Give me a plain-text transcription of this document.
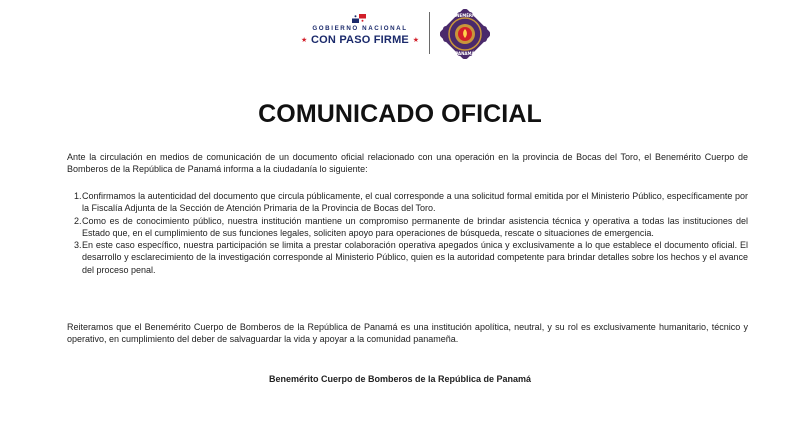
GOBIERNO NACIONAL
★ CON PASO FIRME ★
BENEMÉRITO
PANAMÁ
COMUNICADO OFICIAL

Ante la circulación en medios de comunicación de un documento oficial relacionado con una operación en la provincia de Bocas del Toro, el Benemérito Cuerpo de Bomberos de la República de Panamá informa a la ciudadanía lo siguiente:

1. Confirmamos la autenticidad del documento que circula públicamente, el cual corresponde a una solicitud formal emitida por el Ministerio Público, específicamente por la Fiscalía Adjunta de la Sección de Atención Primaria de la Provincia de Bocas del Toro.
2. Como es de conocimiento público, nuestra institución mantiene un compromiso permanente de brindar asistencia técnica y operativa a todas las instituciones del Estado que, en el cumplimiento de sus funciones legales, soliciten apoyo para operaciones de búsqueda, rescate o situaciones de emergencia.
3. En este caso específico, nuestra participación se limita a prestar colaboración operativa apegados única y exclusivamente a lo que establece el documento oficial. El desarrollo y esclarecimiento de la investigación corresponde al Ministerio Público, quien es la autoridad competente para brindar detalles sobre los hechos y el avance del proceso penal.

Reiteramos que el Benemérito Cuerpo de Bomberos de la República de Panamá es una institución apolítica, neutral, y su rol es exclusivamente humanitario, técnico y operativo, en cumplimiento del deber de salvaguardar la vida y apoyar a la comunidad panameña.

Benemérito Cuerpo de Bomberos de la República de Panamá
